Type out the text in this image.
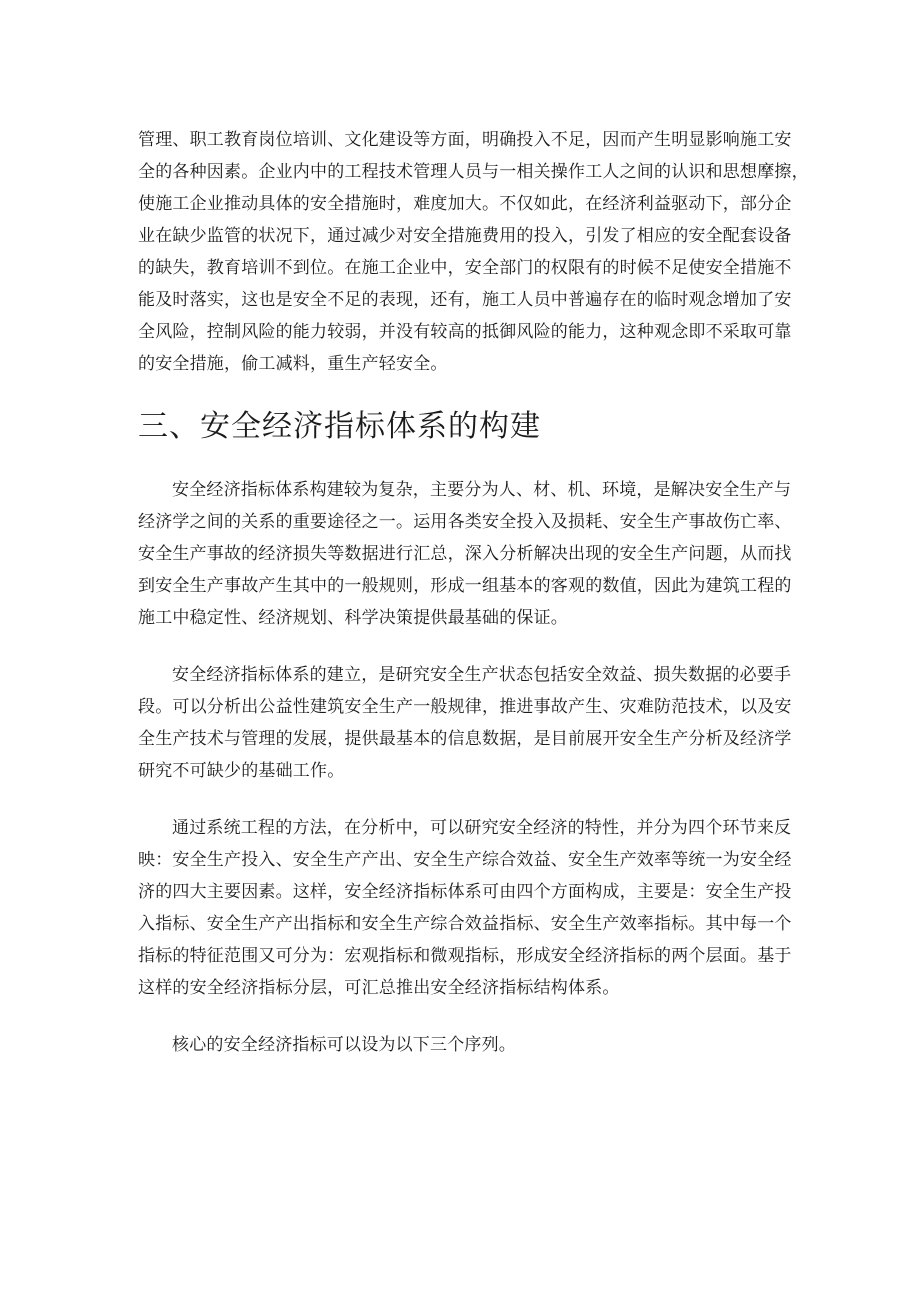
管理、职工教育岗位培训、文化建设等方面，明确投入不足，因而产生明显影响施工安

全的各种因素。企业内中的工程技术管理人员与一相关操作工人之间的认识和思想摩擦，

使施工企业推动具体的安全措施时，难度加大。不仅如此，在经济利益驱动下，部分企

业在缺少监管的状况下，通过减少对安全措施费用的投入，引发了相应的安全配套设备

的缺失，教育培训不到位。在施工企业中，安全部门的权限有的时候不足使安全措施不

能及时落实，这也是安全不足的表现，还有，施工人员中普遍存在的临时观念增加了安

全风险，控制风险的能力较弱，并没有较高的抵御风险的能力，这种观念即不采取可靠

的安全措施，偷工减料，重生产轻安全。

三、安全经济指标体系的构建

安全经济指标体系构建较为复杂，主要分为人、材、机、环境，是解决安全生产与

经济学之间的关系的重要途径之一。运用各类安全投入及损耗、安全生产事故伤亡率、

安全生产事故的经济损失等数据进行汇总，深入分析解决出现的安全生产问题，从而找

到安全生产事故产生其中的一般规则，形成一组基本的客观的数值，因此为建筑工程的

施工中稳定性、经济规划、科学决策提供最基础的保证。

安全经济指标体系的建立，是研究安全生产状态包括安全效益、损失数据的必要手

段。可以分析出公益性建筑安全生产一般规律，推进事故产生、灾难防范技术，以及安

全生产技术与管理的发展，提供最基本的信息数据，是目前展开安全生产分析及经济学

研究不可缺少的基础工作。

通过系统工程的方法，在分析中，可以研究安全经济的特性，并分为四个环节来反

映：安全生产投入、安全生产产出、安全生产综合效益、安全生产效率等统一为安全经

济的四大主要因素。这样，安全经济指标体系可由四个方面构成，主要是：安全生产投

入指标、安全生产产出指标和安全生产综合效益指标、安全生产效率指标。其中每一个

指标的特征范围又可分为：宏观指标和微观指标，形成安全经济指标的两个层面。基于

这样的安全经济指标分层，可汇总推出安全经济指标结构体系。

核心的安全经济指标可以设为以下三个序列。
